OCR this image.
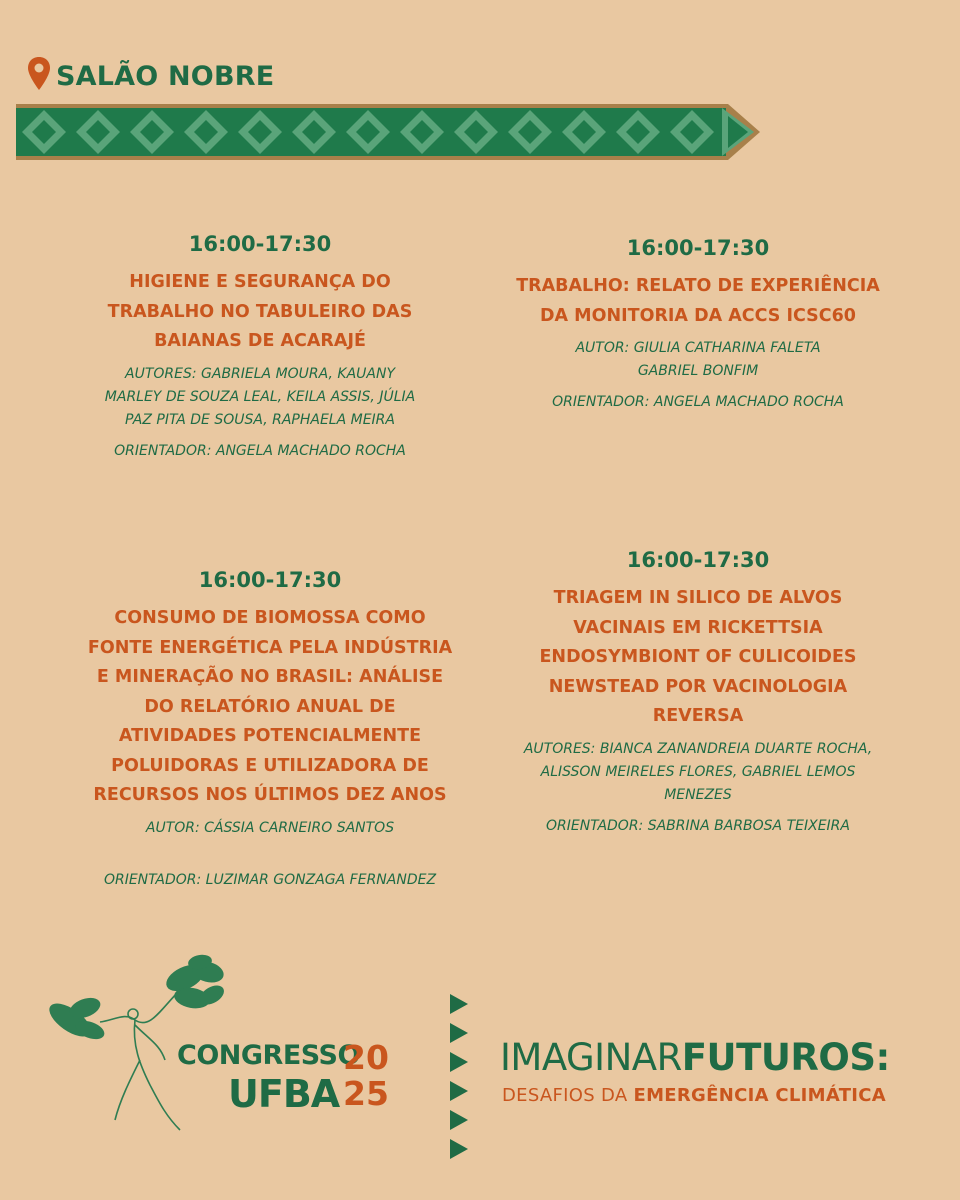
SALÃO NOBRE
16:00-17:30
HIGIENE E SEGURANÇA DO TRABALHO NO TABULEIRO DAS BAIANAS DE ACARAJÉ
AUTORES: GABRIELA MOURA, KAUANY MARLEY DE SOUZA LEAL, KEILA ASSIS, JÚLIA PAZ PITA DE SOUSA, RAPHAELA MEIRA
ORIENTADOR: ANGELA MACHADO ROCHA
16:00-17:30
TRABALHO: RELATO DE EXPERIÊNCIA DA MONITORIA DA ACCS ICSC60
AUTOR: GIULIA CATHARINA FALETA GABRIEL BONFIM
ORIENTADOR: ANGELA MACHADO ROCHA
16:00-17:30
CONSUMO DE BIOMOSSA COMO FONTE ENERGÉTICA PELA INDÚSTRIA E MINERAÇÃO NO BRASIL: ANÁLISE DO RELATÓRIO ANUAL DE ATIVIDADES POTENCIALMENTE POLUIDORAS E UTILIZADORA DE RECURSOS NOS ÚLTIMOS DEZ ANOS
AUTOR: CÁSSIA CARNEIRO SANTOS
ORIENTADOR: LUZIMAR GONZAGA FERNANDEZ
16:00-17:30
TRIAGEM IN SILICO DE ALVOS VACINAIS EM RICKETTSIA ENDOSYMBIONT OF CULICOIDES NEWSTEAD POR VACINOLOGIA REVERSA
AUTORES: BIANCA ZANANDREIA DUARTE ROCHA, ALISSON MEIRELES FLORES, GABRIEL LEMOS MENEZES
ORIENTADOR: SABRINA BARBOSA TEIXEIRA
CONGRESSO
UFBA
20
25
IMAGINARFUTUROS:
DESAFIOS DA EMERGÊNCIA CLIMÁTICA
